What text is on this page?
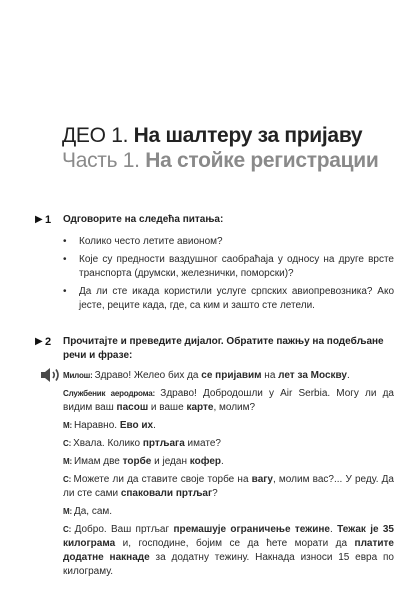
ДЕО 1. На шалтеру за пријаву
Часть 1. На стойке регистрации
▶ 1	Одговорите на следећа питања:
• Колико често летите авионом?
• Које су предности ваздушног саобраћаја у односу на друге врсте транспорта (друмски, железнички, поморски)?
• Да ли сте икада користили услуге српских авиопревозника? Ако јесте, реците када, где, са ким и зашто сте летели.
▶ 2	Прочитајте и преведите дијалог. Обратите пажњу на подебљане речи и фразе:
Милош: Здраво! Желео бих да се пријавим на лет за Москву.
Службеник аеродрома: Здраво! Добродошли у Air Serbia. Могу ли да видим ваш пасош и ваше карте, молим?
М: Наравно. Ево их.
С: Хвала. Колико пртљага имате?
М: Имам две торбе и један кофер.
С: Можете ли да ставите своје торбе на вагу, молим вас?... У реду. Да ли сте сами спаковали пртљаг?
М: Да, сам.
С: Добро. Ваш пртљаг премашује ограничење тежине. Тежак је 35 килограма и, господине, бојим се да ћете морати да платите додатне накнаде за додатну тежину. Накнада износи 15 евра по килограму.
